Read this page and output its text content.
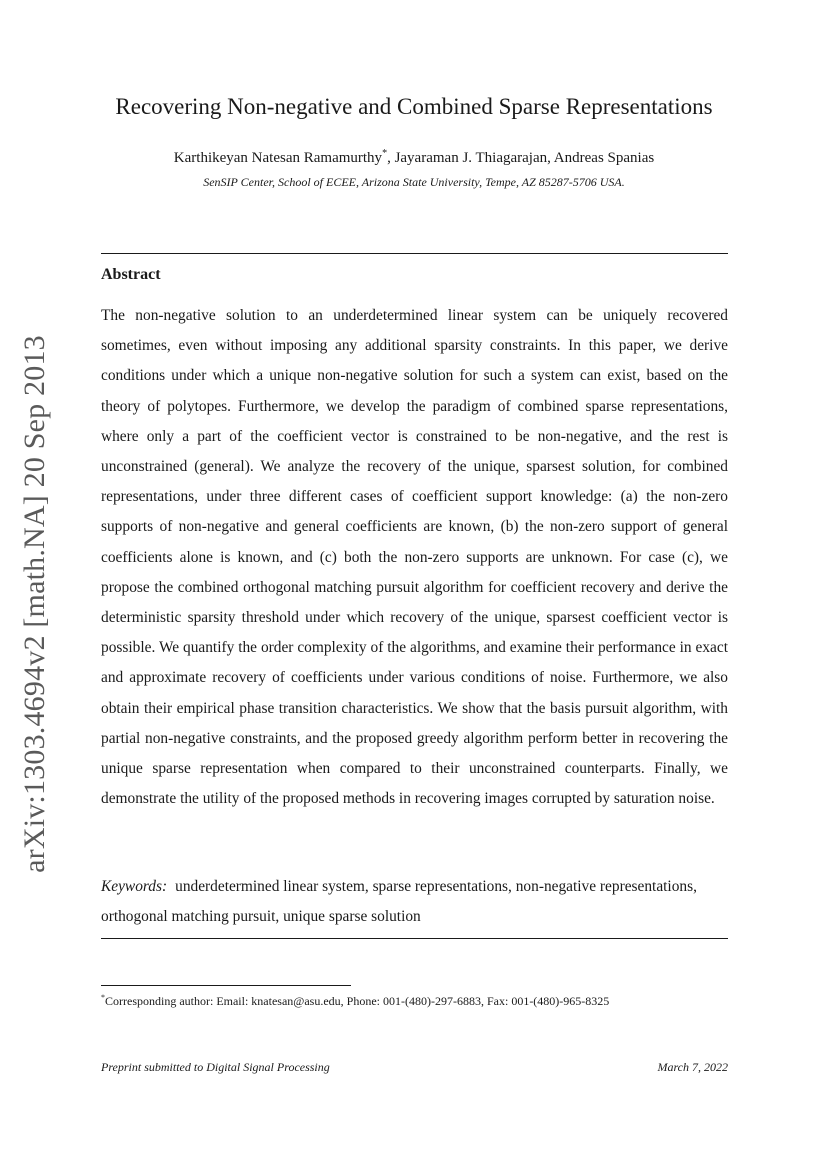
arXiv:1303.4694v2 [math.NA] 20 Sep 2013
Recovering Non-negative and Combined Sparse Representations
Karthikeyan Natesan Ramamurthy*, Jayaraman J. Thiagarajan, Andreas Spanias
SenSIP Center, School of ECEE, Arizona State University, Tempe, AZ 85287-5706 USA.
Abstract

The non-negative solution to an underdetermined linear system can be uniquely recovered sometimes, even without imposing any additional sparsity constraints. In this paper, we derive conditions under which a unique non-negative solution for such a system can exist, based on the theory of polytopes. Furthermore, we develop the paradigm of combined sparse representations, where only a part of the coefficient vector is constrained to be non-negative, and the rest is unconstrained (general). We analyze the recovery of the unique, sparsest solution, for combined representations, under three different cases of coefficient support knowledge: (a) the non-zero supports of non-negative and general coefficients are known, (b) the non-zero support of general coefficients alone is known, and (c) both the non-zero supports are unknown. For case (c), we propose the combined orthogonal matching pursuit algorithm for coefficient recovery and derive the deterministic sparsity threshold under which recovery of the unique, sparsest coefficient vector is possible. We quantify the order complexity of the algorithms, and examine their performance in exact and approximate recovery of coefficients under various conditions of noise. Furthermore, we also obtain their empirical phase transition characteristics. We show that the basis pursuit algorithm, with partial non-negative constraints, and the proposed greedy algorithm perform better in recovering the unique sparse representation when compared to their unconstrained counterparts. Finally, we demonstrate the utility of the proposed methods in recovering images corrupted by saturation noise.

Keywords: underdetermined linear system, sparse representations, non-negative representations, orthogonal matching pursuit, unique sparse solution

*Corresponding author: Email: knatesan@asu.edu, Phone: 001-(480)-297-6883, Fax: 001-(480)-965-8325

Preprint submitted to Digital Signal Processing	March 7, 2022
